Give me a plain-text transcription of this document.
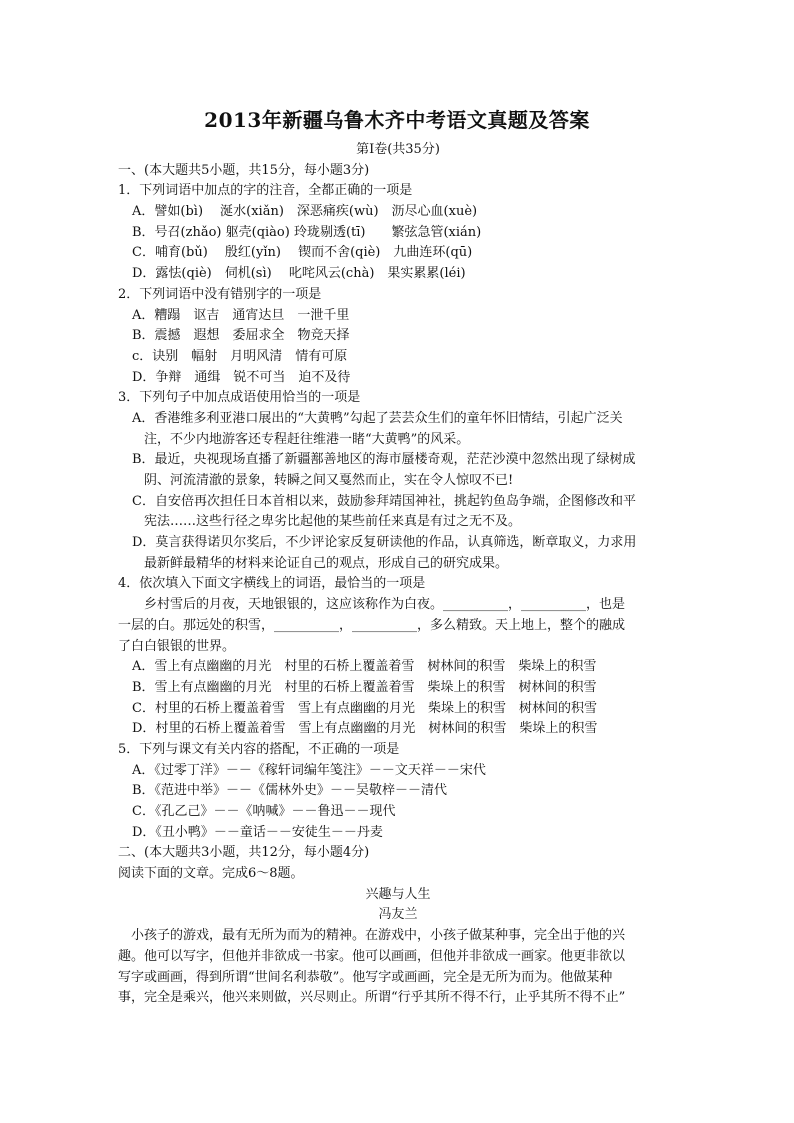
2013年新疆乌鲁木齐中考语文真题及答案
第Ⅰ卷(共35分)
一、(本大题共5小题，共15分，每小题3分)
1．下列词语中加点的字的注音，全都正确的一项是
A．譬如(bì)　 涎水(xiǎn)　深恶痛疾(wù)　沥尽心血(xuè)
B．号召(zhǎo) 躯壳(qiào) 玲珑剔透(tī)　　繁弦急管(xián)
C．哺育(bǔ)　 殷红(yǐn)　 锲而不舍(qiè)　九曲连环(qū)
D．露怯(qiè)　伺机(sì)　 叱咤风云(chà)　果实累累(léi)
2．下列词语中没有错别字的一项是
A．糟蹋　讴吉　通宵达旦　一泄千里
B．震撼　遐想　委屈求全　物竞天择
c．诀别　幅射　月明风清　情有可原
D．争辩　通缉　锐不可当　迫不及待
3．下列句子中加点成语使用恰当的一项是
A．香港维多利亚港口展出的“大黄鸭”勾起了芸芸众生们的童年怀旧情结，引起广泛关
注，不少内地游客还专程赶往维港一睹“大黄鸭”的风采。
B．最近，央视现场直播了新疆鄯善地区的海市蜃楼奇观，茫茫沙漠中忽然出现了绿树成
阴、河流清澈的景象，转瞬之间又戛然而止，实在令人惊叹不已!
C．自安倍再次担任日本首相以来，鼓励参拜靖国神社，挑起钓鱼岛争端，企图修改和平
宪法……这些行径之卑劣比起他的某些前任来真是有过之无不及。
D．莫言获得诺贝尔奖后，不少评论家反复研读他的作品，认真筛选，断章取义，力求用
最新鲜最精华的材料来论证自己的观点，形成自己的研究成果。
4．依次填入下面文字横线上的词语，最恰当的一项是
　　乡村雪后的月夜，天地银银的，这应该称作为白夜。__________，__________，也是
一层的白。那远处的积雪，__________，__________，多么精致。天上地上，整个的融成
了白白银银的世界。
A．雪上有点幽幽的月光　村里的石桥上覆盖着雪　树林间的积雪　柴垛上的积雪
B．雪上有点幽幽的月光　村里的石桥上覆盖着雪　柴垛上的积雪　树林间的积雪
C．村里的石桥上覆盖着雪　雪上有点幽幽的月光　柴垛上的积雪　树林间的积雪
D．村里的石桥上覆盖着雪　雪上有点幽幽的月光　树林间的积雪　柴垛上的积雪
5．下列与课文有关内容的搭配，不正确的一项是
A．《过零丁洋》－－《稼轩词编年笺注》－－文天祥－－宋代
B．《范进中举》－－《儒林外史》－－吴敬梓－－清代
C．《孔乙己》－－《呐喊》－－鲁迅－－现代
D．《丑小鸭》－－童话－－安徒生－－丹麦
二、(本大题共3小题，共12分，每小题4分)
阅读下面的文章。完成6～8题。
兴趣与人生
冯友兰
　小孩子的游戏，最有无所为而为的精神。在游戏中，小孩子做某种事，完全出于他的兴
趣。他可以写字，但他并非欲成一书家。他可以画画，但他并非欲成一画家。他更非欲以
写字或画画，得到所谓“世间名利恭敬”。他写字或画画，完全是无所为而为。他做某种
事，完全是乘兴，他兴来则做，兴尽则止。所谓“行乎其所不得不行，止乎其所不得不止”
